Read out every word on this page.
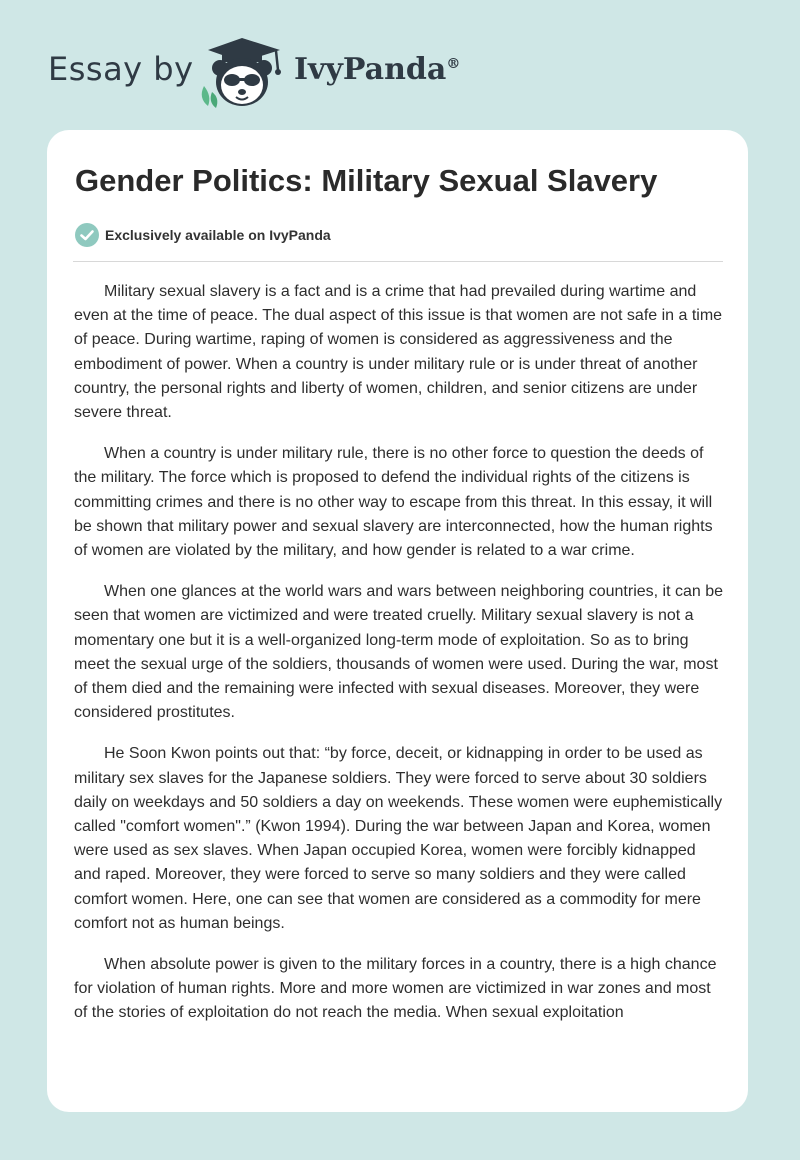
Essay by	IvyPanda®
Gender Politics: Military Sexual Slavery
Exclusively available on IvyPanda

Military sexual slavery is a fact and is a crime that had prevailed during wartime and even at the time of peace. The dual aspect of this issue is that women are not safe in a time of peace. During wartime, raping of women is considered as aggressiveness and the embodiment of power. When a country is under military rule or is under threat of another country, the personal rights and liberty of women, children, and senior citizens are under severe threat.

When a country is under military rule, there is no other force to question the deeds of the military. The force which is proposed to defend the individual rights of the citizens is committing crimes and there is no other way to escape from this threat. In this essay, it will be shown that military power and sexual slavery are interconnected, how the human rights of women are violated by the military, and how gender is related to a war crime.

When one glances at the world wars and wars between neighboring countries, it can be seen that women are victimized and were treated cruelly. Military sexual slavery is not a momentary one but it is a well-organized long-term mode of exploitation. So as to bring meet the sexual urge of the soldiers, thousands of women were used. During the war, most of them died and the remaining were infected with sexual diseases. Moreover, they were considered prostitutes.

He Soon Kwon points out that: “by force, deceit, or kidnapping in order to be used as military sex slaves for the Japanese soldiers. They were forced to serve about 30 soldiers daily on weekdays and 50 soldiers a day on weekends. These women were euphemistically called "comfort women".” (Kwon 1994). During the war between Japan and Korea, women were used as sex slaves. When Japan occupied Korea, women were forcibly kidnapped and raped. Moreover, they were forced to serve so many soldiers and they were called comfort women. Here, one can see that women are considered as a commodity for mere comfort not as human beings.

When absolute power is given to the military forces in a country, there is a high chance for violation of human rights. More and more women are victimized in war zones and most of the stories of exploitation do not reach the media. When sexual exploitation
